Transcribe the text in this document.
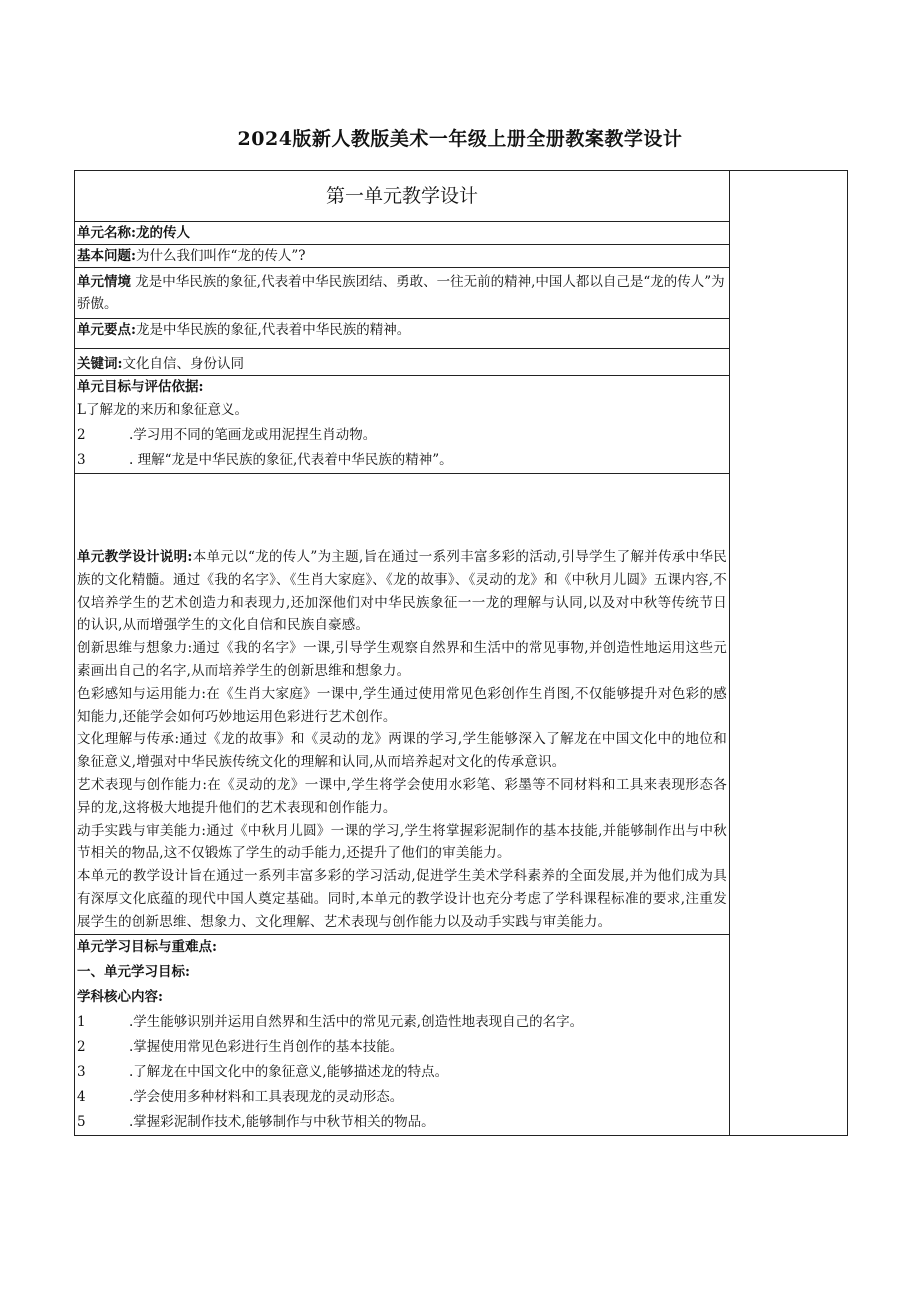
2024版新人教版美术一年级上册全册教案教学设计
第一单元教学设计	
单元名称:龙的传人
基本问题:为什么我们叫作“龙的传人”?
单元情境 龙是中华民族的象征,代表着中华民族团结、勇敢、一往无前的精神,中国人都以自己是“龙的传人”为骄傲。
单元要点:龙是中华民族的象征,代表着中华民族的精神。
关键词:文化自信、身份认同

单元目标与评估依据:
L了解龙的来历和象征意义。
2	.学习用不同的笔画龙或用泥捏生肖动物。
3	. 理解“龙是中华民族的象征,代表着中华民族的精神”。

单元教学设计说明:本单元以“龙的传人”为主题,旨在通过一系列丰富多彩的活动,引导学生了解并传承中华民族的文化精髓。通过《我的名字》、《生肖大家庭》、《龙的故事》、《灵动的龙》和《中秋月儿圆》五课内容,不仅培养学生的艺术创造力和表现力,还加深他们对中华民族象征一一龙的理解与认同,以及对中秋等传统节日的认识,从而增强学生的文化自信和民族自豪感。

创新思维与想象力:通过《我的名字》一课,引导学生观察自然界和生活中的常见事物,并创造性地运用这些元素画出自己的名字,从而培养学生的创新思维和想象力。

色彩感知与运用能力:在《生肖大家庭》一课中,学生通过使用常见色彩创作生肖图,不仅能够提升对色彩的感知能力,还能学会如何巧妙地运用色彩进行艺术创作。

文化理解与传承:通过《龙的故事》和《灵动的龙》两课的学习,学生能够深入了解龙在中国文化中的地位和象征意义,增强对中华民族传统文化的理解和认同,从而培养起对文化的传承意识。

艺术表现与创作能力:在《灵动的龙》一课中,学生将学会使用水彩笔、彩墨等不同材料和工具来表现形态各异的龙,这将极大地提升他们的艺术表现和创作能力。

动手实践与审美能力:通过《中秋月儿圆》一课的学习,学生将掌握彩泥制作的基本技能,并能够制作出与中秋节相关的物品,这不仅锻炼了学生的动手能力,还提升了他们的审美能力。

本单元的教学设计旨在通过一系列丰富多彩的学习活动,促进学生美术学科素养的全面发展,并为他们成为具有深厚文化底蕴的现代中国人奠定基础。同时,本单元的教学设计也充分考虑了学科课程标准的要求,注重发展学生的创新思维、想象力、文化理解、艺术表现与创作能力以及动手实践与审美能力。

单元学习目标与重难点:
一、单元学习目标:
学科核心内容:
1	.学生能够识别并运用自然界和生活中的常见元素,创造性地表现自己的名字。
2	.掌握使用常见色彩进行生肖创作的基本技能。
3	.了解龙在中国文化中的象征意义,能够描述龙的特点。
4	.学会使用多种材料和工具表现龙的灵动形态。
5	.掌握彩泥制作技术,能够制作与中秋节相关的物品。
